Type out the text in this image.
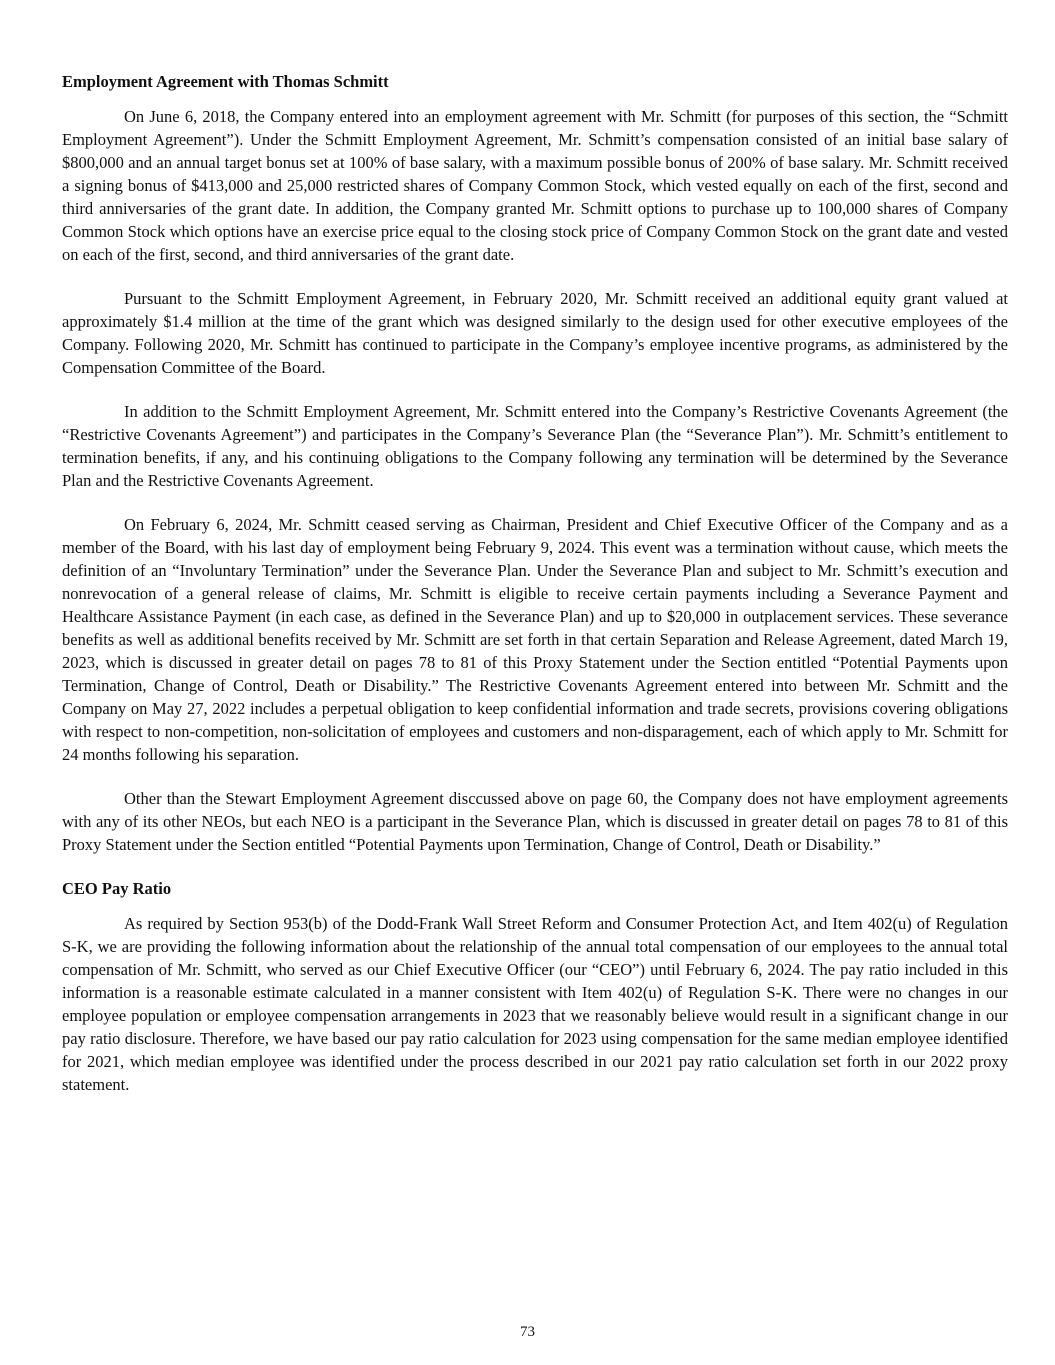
Employment Agreement with Thomas Schmitt

On June 6, 2018, the Company entered into an employment agreement with Mr. Schmitt (for purposes of this section, the “Schmitt Employment Agreement”). Under the Schmitt Employment Agreement, Mr. Schmitt’s compensation consisted of an initial base salary of $800,000 and an annual target bonus set at 100% of base salary, with a maximum possible bonus of 200% of base salary. Mr. Schmitt received a signing bonus of $413,000 and 25,000 restricted shares of Company Common Stock, which vested equally on each of the first, second and third anniversaries of the grant date. In addition, the Company granted Mr. Schmitt options to purchase up to 100,000 shares of Company Common Stock which options have an exercise price equal to the closing stock price of Company Common Stock on the grant date and vested on each of the first, second, and third anniversaries of the grant date.

Pursuant to the Schmitt Employment Agreement, in February 2020, Mr. Schmitt received an additional equity grant valued at approximately $1.4 million at the time of the grant which was designed similarly to the design used for other executive employees of the Company. Following 2020, Mr. Schmitt has continued to participate in the Company’s employee incentive programs, as administered by the Compensation Committee of the Board.

In addition to the Schmitt Employment Agreement, Mr. Schmitt entered into the Company’s Restrictive Covenants Agreement (the “Restrictive Covenants Agreement”) and participates in the Company’s Severance Plan (the “Severance Plan”). Mr. Schmitt’s entitlement to termination benefits, if any, and his continuing obligations to the Company following any termination will be determined by the Severance Plan and the Restrictive Covenants Agreement.

On February 6, 2024, Mr. Schmitt ceased serving as Chairman, President and Chief Executive Officer of the Company and as a member of the Board, with his last day of employment being February 9, 2024. This event was a termination without cause, which meets the definition of an “Involuntary Termination” under the Severance Plan. Under the Severance Plan and subject to Mr. Schmitt’s execution and nonrevocation of a general release of claims, Mr. Schmitt is eligible to receive certain payments including a Severance Payment and Healthcare Assistance Payment (in each case, as defined in the Severance Plan) and up to $20,000 in outplacement services. These severance benefits as well as additional benefits received by Mr. Schmitt are set forth in that certain Separation and Release Agreement, dated March 19, 2023, which is discussed in greater detail on pages 78 to 81 of this Proxy Statement under the Section entitled “Potential Payments upon Termination, Change of Control, Death or Disability.” The Restrictive Covenants Agreement entered into between Mr. Schmitt and the Company on May 27, 2022 includes a perpetual obligation to keep confidential information and trade secrets, provisions covering obligations with respect to non-competition, non-solicitation of employees and customers and non-disparagement, each of which apply to Mr. Schmitt for 24 months following his separation.

Other than the Stewart Employment Agreement disccussed above on page 60, the Company does not have employment agreements with any of its other NEOs, but each NEO is a participant in the Severance Plan, which is discussed in greater detail on pages 78 to 81 of this Proxy Statement under the Section entitled “Potential Payments upon Termination, Change of Control, Death or Disability.”

CEO Pay Ratio

As required by Section 953(b) of the Dodd-Frank Wall Street Reform and Consumer Protection Act, and Item 402(u) of Regulation S-K, we are providing the following information about the relationship of the annual total compensation of our employees to the annual total compensation of Mr. Schmitt, who served as our Chief Executive Officer (our “CEO”) until February 6, 2024. The pay ratio included in this information is a reasonable estimate calculated in a manner consistent with Item 402(u) of Regulation S-K. There were no changes in our employee population or employee compensation arrangements in 2023 that we reasonably believe would result in a significant change in our pay ratio disclosure. Therefore, we have based our pay ratio calculation for 2023 using compensation for the same median employee identified for 2021, which median employee was identified under the process described in our 2021 pay ratio calculation set forth in our 2022 proxy statement.

73
